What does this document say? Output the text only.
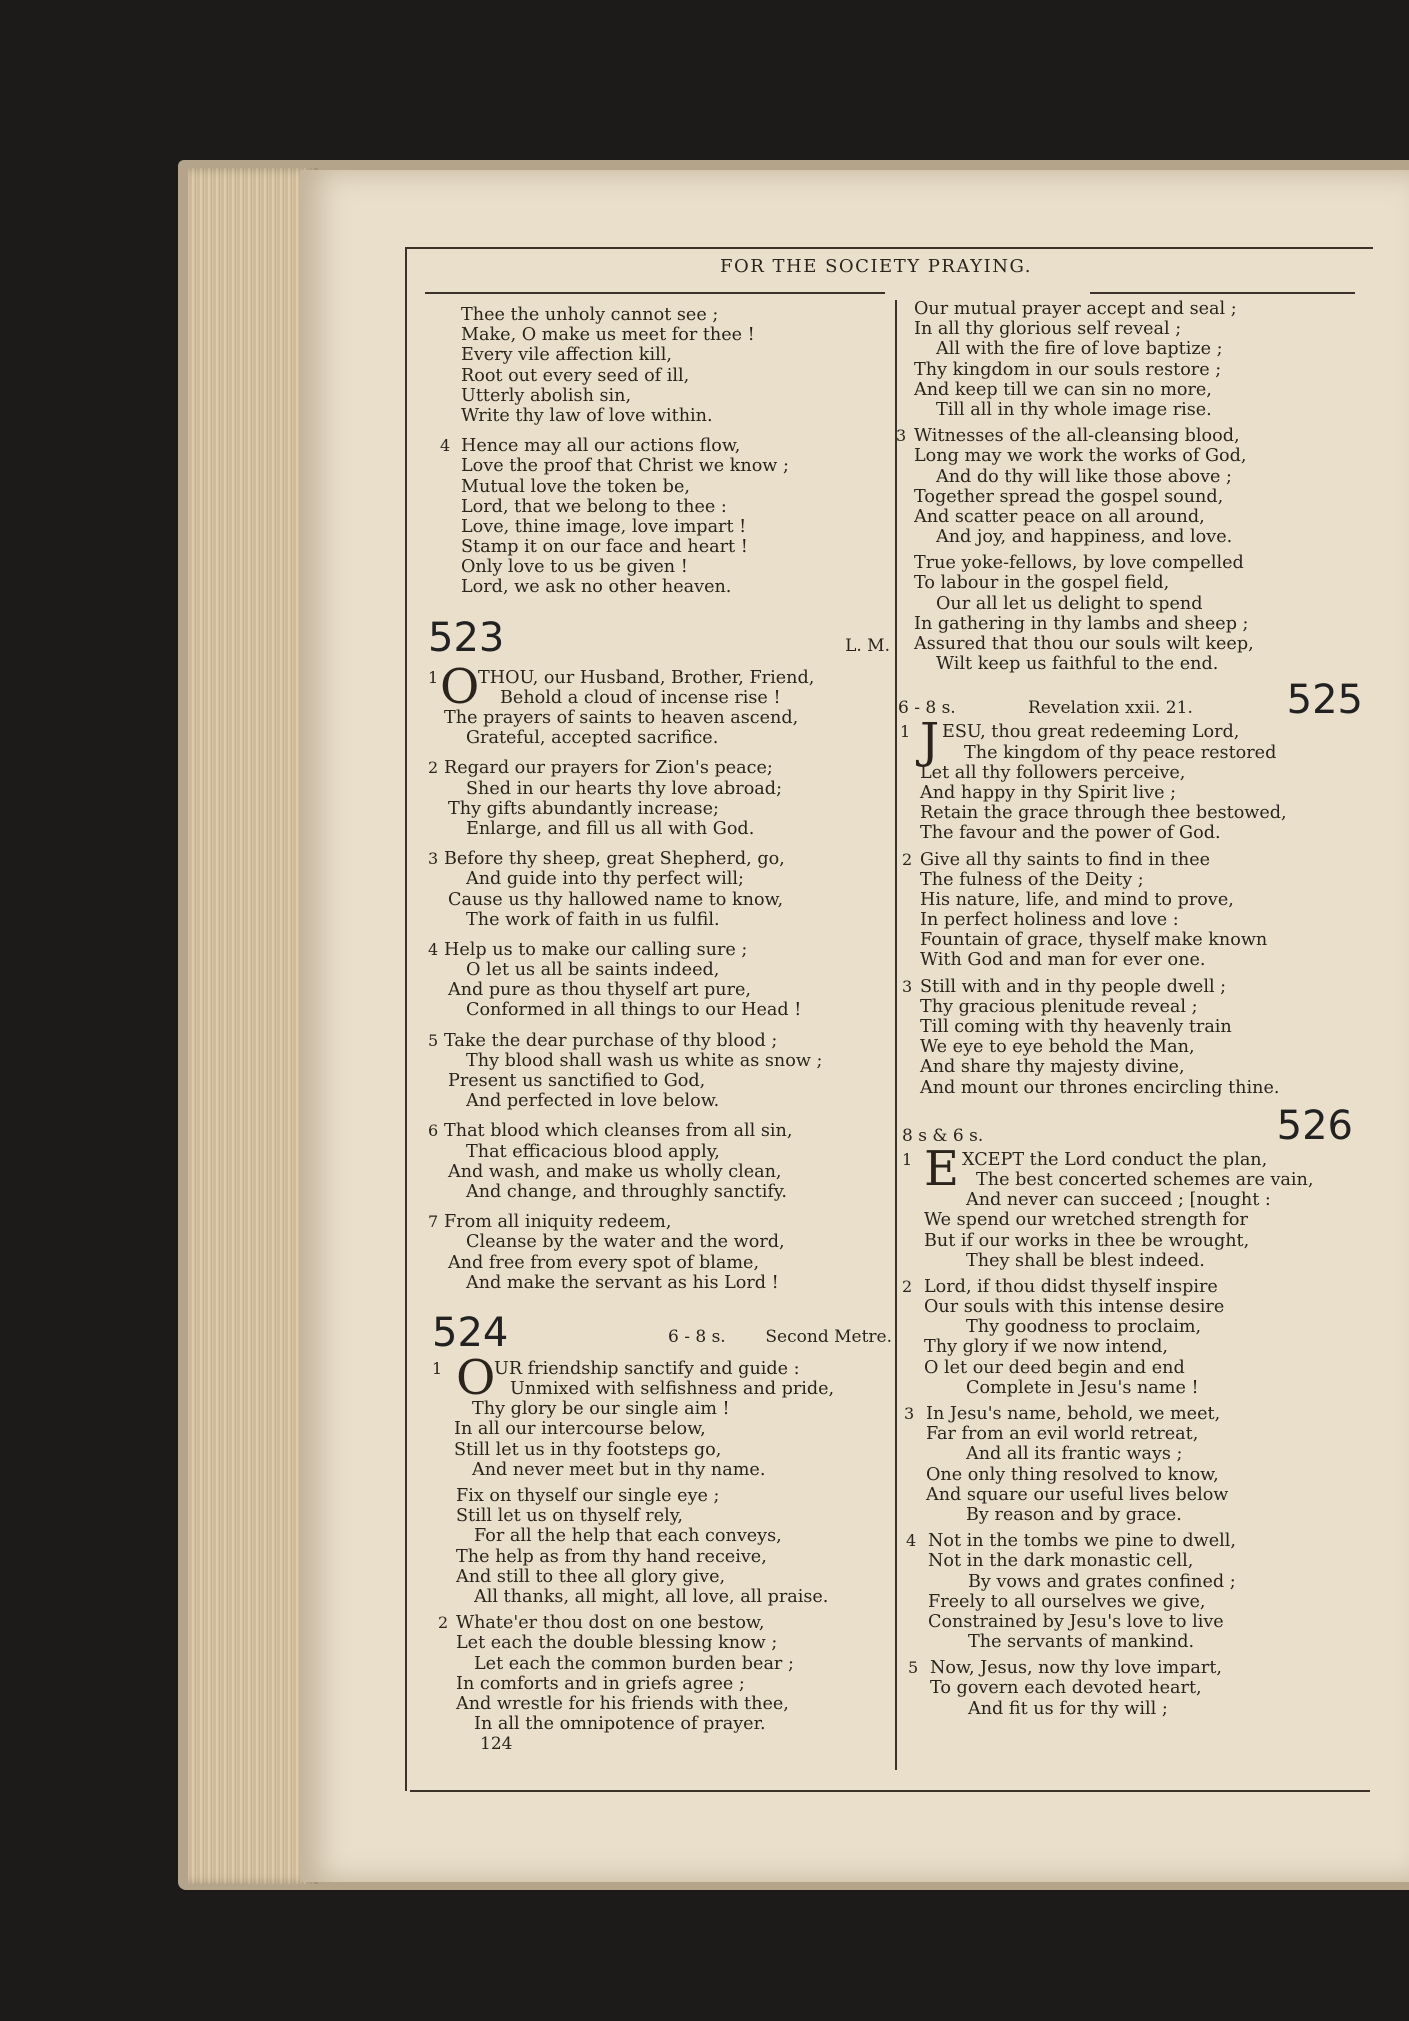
FOR THE SOCIETY PRAYING.
Thee the unholy cannot see ;
Make, O make us meet for thee !
Every vile affection kill,
Root out every seed of ill,
Utterly abolish sin,
Write thy law of love within.
4 Hence may all our actions flow,
Love the proof that Christ we know ;
Mutual love the token be,
Lord, that we belong to thee :
Love, thine image, love impart !
Stamp it on our face and heart !
Only love to us be given !
Lord, we ask no other heaven.
523	L. M.
1 O
THOU, our Husband, Brother, Friend,
Behold a cloud of incense rise !
The prayers of saints to heaven ascend,
Grateful, accepted sacrifice.
2 Regard our prayers for Zion's peace;
Shed in our hearts thy love abroad;
Thy gifts abundantly increase;
Enlarge, and fill us all with God.
3 Before thy sheep, great Shepherd, go,
And guide into thy perfect will;
Cause us thy hallowed name to know,
The work of faith in us fulfil.
4 Help us to make our calling sure ;
O let us all be saints indeed,
And pure as thou thyself art pure,
Conformed in all things to our Head !
5 Take the dear purchase of thy blood ;
Thy blood shall wash us white as snow ;
Present us sanctified to God,
And perfected in love below.
6 That blood which cleanses from all sin,
That efficacious blood apply,
And wash, and make us wholly clean,
And change, and throughly sanctify.
7 From all iniquity redeem,
Cleanse by the water and the word,
And free from every spot of blame,
And make the servant as his Lord !
524	6 - 8 s. Second Metre.
1 O
UR friendship sanctify and guide :
Unmixed with selfishness and pride,
Thy glory be our single aim !
In all our intercourse below,
Still let us in thy footsteps go,
And never meet but in thy name.
Fix on thyself our single eye ;
Still let us on thyself rely,
For all the help that each conveys,
The help as from thy hand receive,
And still to thee all glory give,
All thanks, all might, all love, all praise.
2 Whate'er thou dost on one bestow,
Let each the double blessing know ;
Let each the common burden bear ;
In comforts and in griefs agree ;
And wrestle for his friends with thee,
In all the omnipotence of prayer.
124
Our mutual prayer accept and seal ;
In all thy glorious self reveal ;
All with the fire of love baptize ;
Thy kingdom in our souls restore ;
And keep till we can sin no more,
Till all in thy whole image rise.
3 Witnesses of the all-cleansing blood,
Long may we work the works of God,
And do thy will like those above ;
Together spread the gospel sound,
And scatter peace on all around,
And joy, and happiness, and love.
True yoke-fellows, by love compelled
To labour in the gospel field,
Our all let us delight to spend
In gathering in thy lambs and sheep ;
Assured that thou our souls wilt keep,
Wilt keep us faithful to the end.
6 - 8 s.	Revelation xxii. 21. 525
1 J ESU, thou great redeeming Lord,
The kingdom of thy peace restored
Let all thy followers perceive,
And happy in thy Spirit live ;
Retain the grace through thee bestowed,
The favour and the power of God.
2 Give all thy saints to find in thee
The fulness of the Deity ;
His nature, life, and mind to prove,
In perfect holiness and love :
Fountain of grace, thyself make known
With God and man for ever one.
3 Still with and in thy people dwell ;
Thy gracious plenitude reveal ;
Till coming with thy heavenly train
We eye to eye behold the Man,
And share thy majesty divine,
And mount our thrones encircling thine.
8 s & 6 s.	526
1 E XCEPT the Lord conduct the plan,
The best concerted schemes are vain,
And never can succeed ; [nought :
We spend our wretched strength for
But if our works in thee be wrought,
They shall be blest indeed.
2 Lord, if thou didst thyself inspire
Our souls with this intense desire
Thy goodness to proclaim,
Thy glory if we now intend,
O let our deed begin and end
Complete in Jesu's name !
3 In Jesu's name, behold, we meet,
Far from an evil world retreat,
And all its frantic ways ;
One only thing resolved to know,
And square our useful lives below
By reason and by grace.
4 Not in the tombs we pine to dwell,
Not in the dark monastic cell,
By vows and grates confined ;
Freely to all ourselves we give,
Constrained by Jesu's love to live
The servants of mankind.
5 Now, Jesus, now thy love impart,
To govern each devoted heart,
And fit us for thy will ;
